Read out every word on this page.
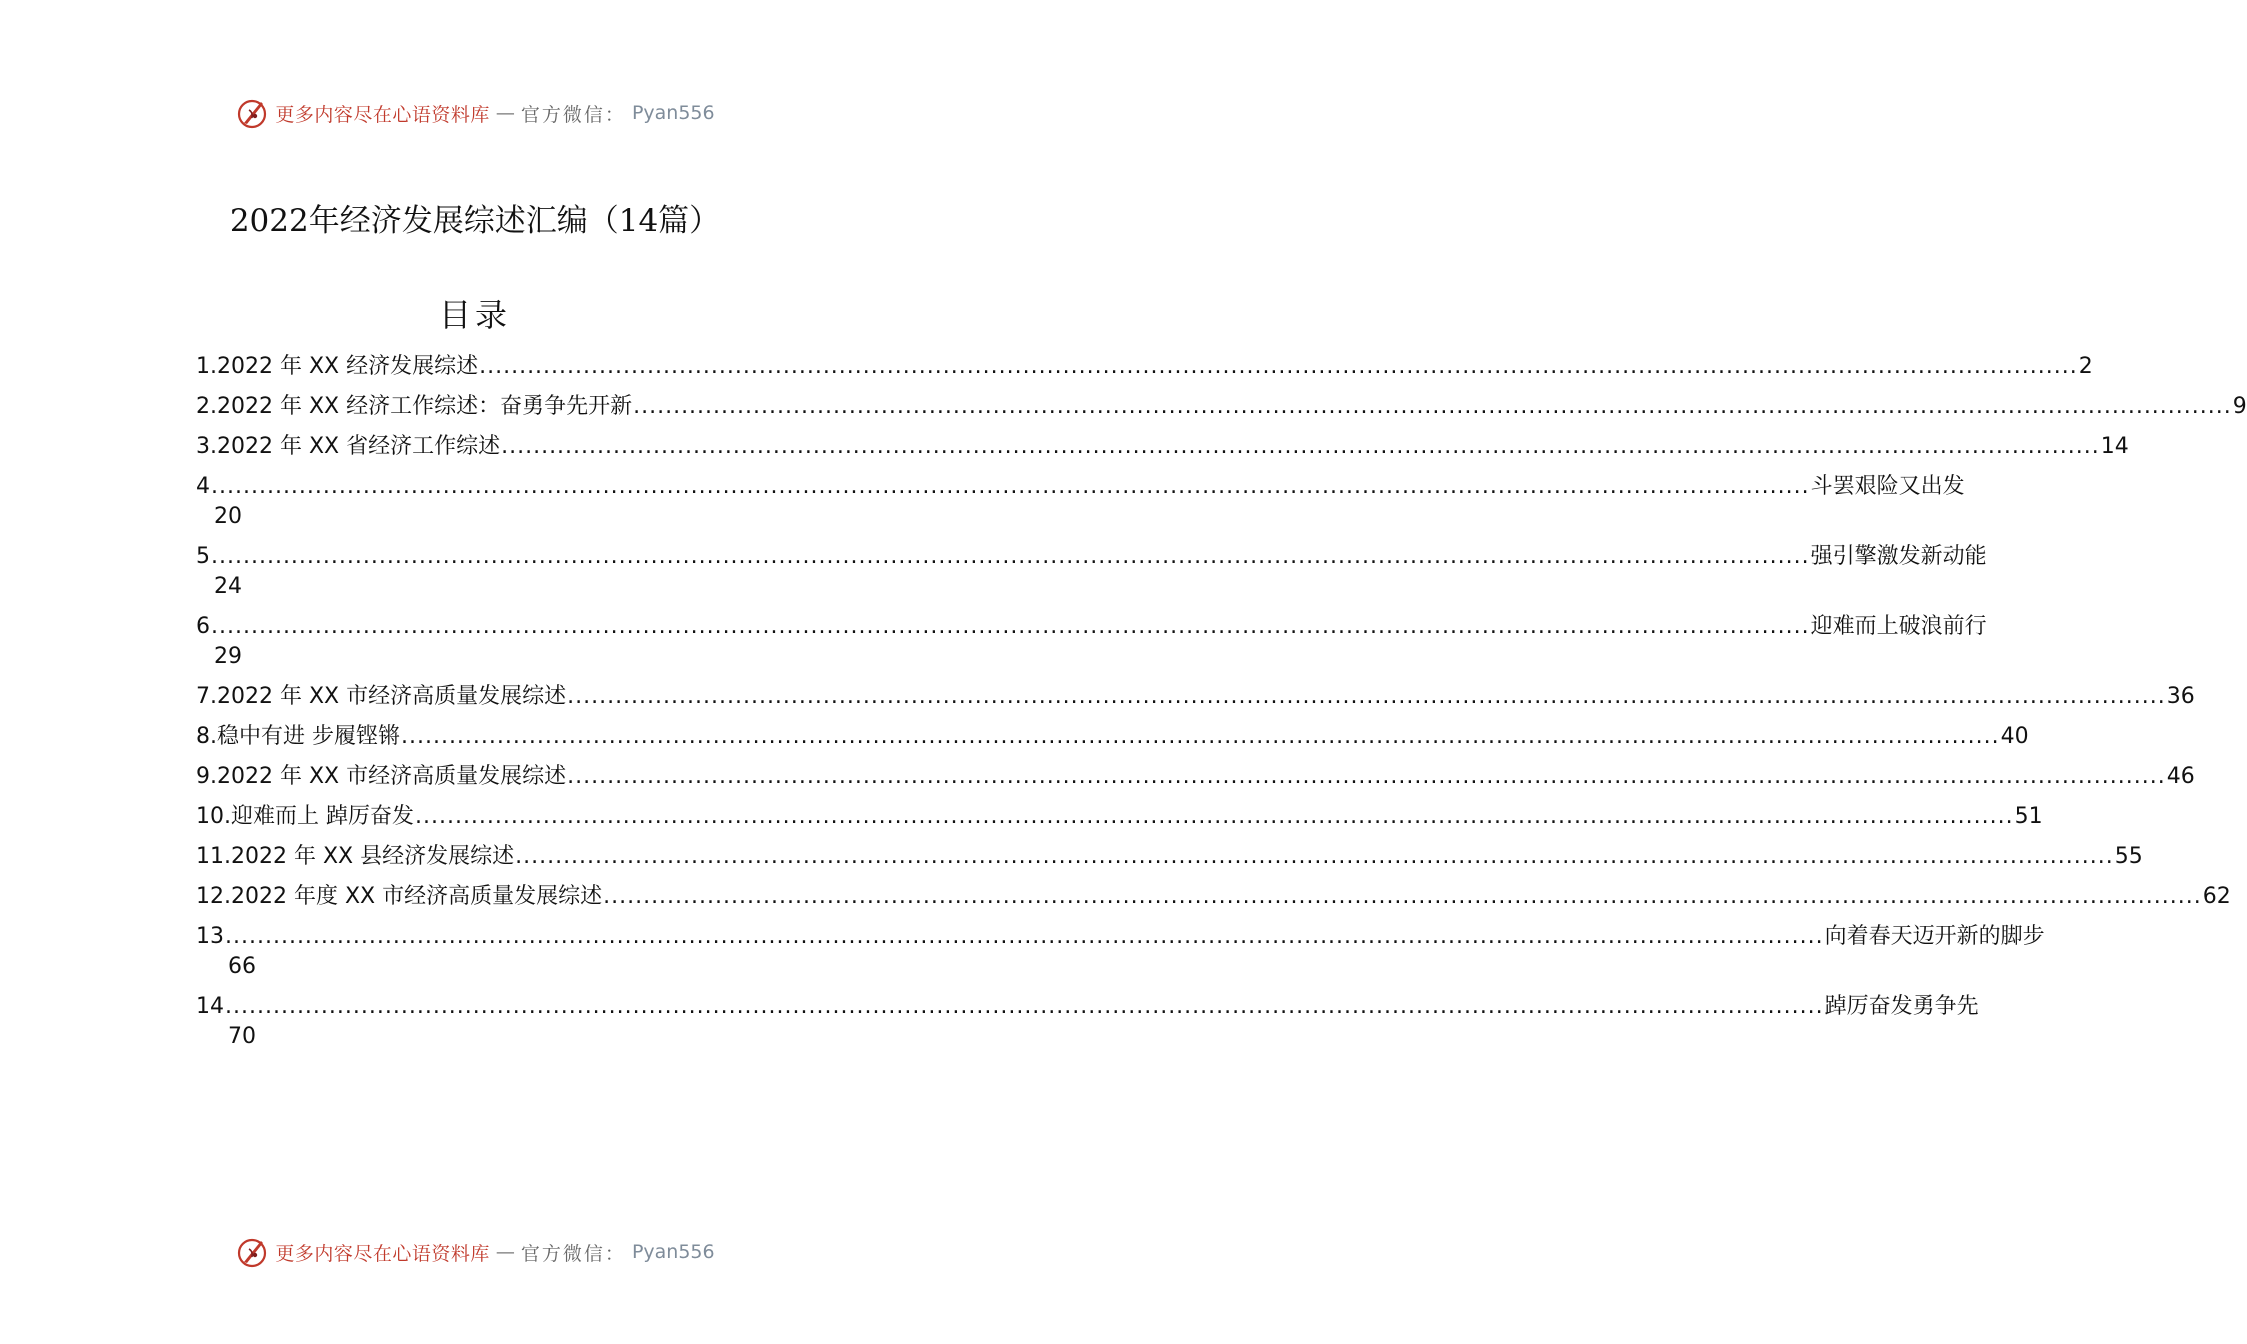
更多内容尽在心语资料库 — 官方微信： Pyan556
2022年经济发展综述汇编（14篇）
目录
1.2022 年 XX 经济发展综述 ........................................................................................................................................................................................................ 2
2.2022 年 XX 经济工作综述：奋勇争先开新 ........................................................................................................................................................................................................ 9
3.2022 年 XX 省经济工作综述 ........................................................................................................................................................................................................ 14
4 ........................................................................................................................................................................................................ 斗罢艰险又出发
20
5 ........................................................................................................................................................................................................ 强引擎激发新动能
24
6 ........................................................................................................................................................................................................ 迎难而上破浪前行
29
7.2022 年 XX 市经济高质量发展综述 ........................................................................................................................................................................................................ 36
8.稳中有进 步履铿锵 ........................................................................................................................................................................................................ 40
9.2022 年 XX 市经济高质量发展综述 ........................................................................................................................................................................................................ 46
10.迎难而上 踔厉奋发 ........................................................................................................................................................................................................ 51
11.2022 年 XX 县经济发展综述 ........................................................................................................................................................................................................ 55
12.2022 年度 XX 市经济高质量发展综述 ........................................................................................................................................................................................................ 62
13 ........................................................................................................................................................................................................ 向着春天迈开新的脚步
66
14 ........................................................................................................................................................................................................ 踔厉奋发勇争先
70
更多内容尽在心语资料库 — 官方微信： Pyan556
